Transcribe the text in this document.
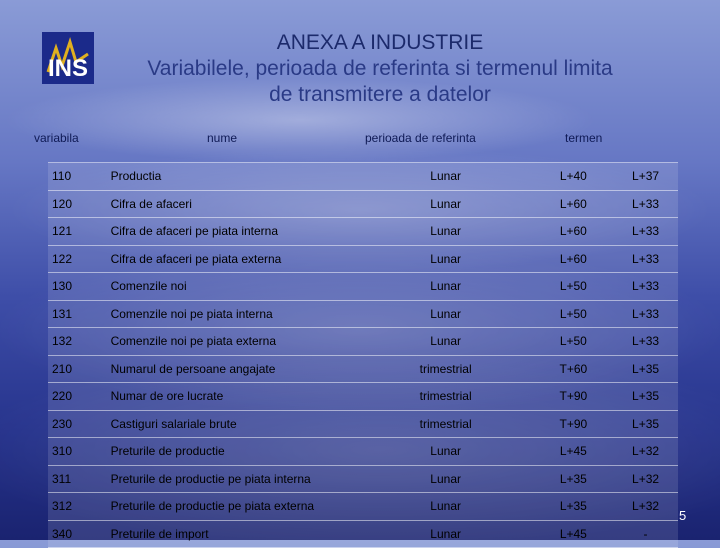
INS
ANEXA A INDUSTRIE
Variabilele, perioada de referinta si termenul limita
de transmitere a datelor
variabila	nume	perioada de referinta	termen
110	Productia	Lunar	L+40	L+37
120	Cifra de afaceri	Lunar	L+60	L+33
121	Cifra de afaceri pe piata interna	Lunar	L+60	L+33
122	Cifra de afaceri pe piata externa	Lunar	L+60	L+33
130	Comenzile noi	Lunar	L+50	L+33
131	Comenzile noi pe piata interna	Lunar	L+50	L+33
132	Comenzile noi pe piata externa	Lunar	L+50	L+33
210	Numarul de persoane angajate	trimestrial	T+60	L+35
220	Numar de ore lucrate	trimestrial	T+90	L+35
230	Castiguri salariale brute	trimestrial	T+90	L+35
310	Preturile de productie	Lunar	L+45	L+32
311	Preturile de productie pe piata interna	Lunar	L+35	L+32
312	Preturile de productie pe piata externa	Lunar	L+35	L+32
340	Preturile de import	Lunar	L+45	-
5
